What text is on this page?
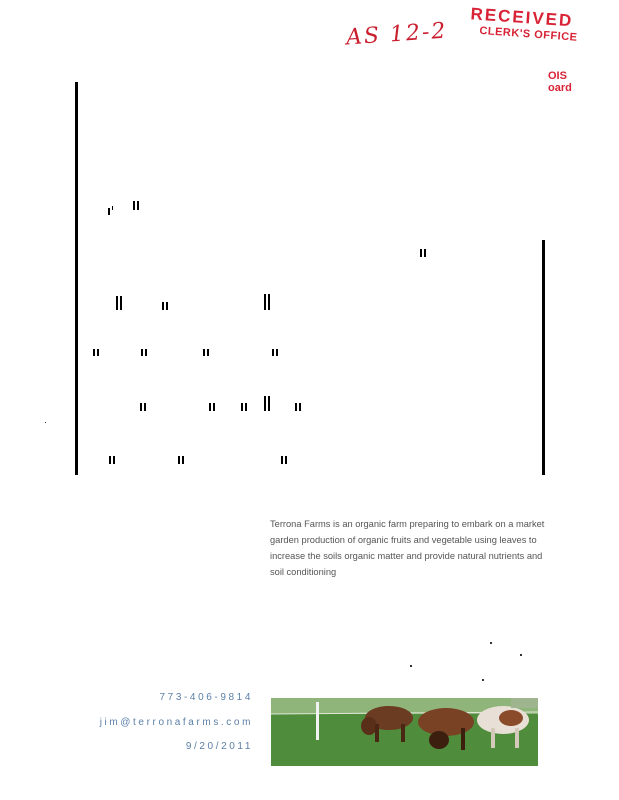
AS 12-2
RECEIVED
CLERK'S OFFICE
OIS
oard
Terrona Farms is an organic farm preparing to embark on a market garden production of organic fruits and vegetable using leaves to increase the soils organic matter and provide natural nutrients and soil conditioning
773-406-9814
jim@terronafarms.com
9/20/2011
